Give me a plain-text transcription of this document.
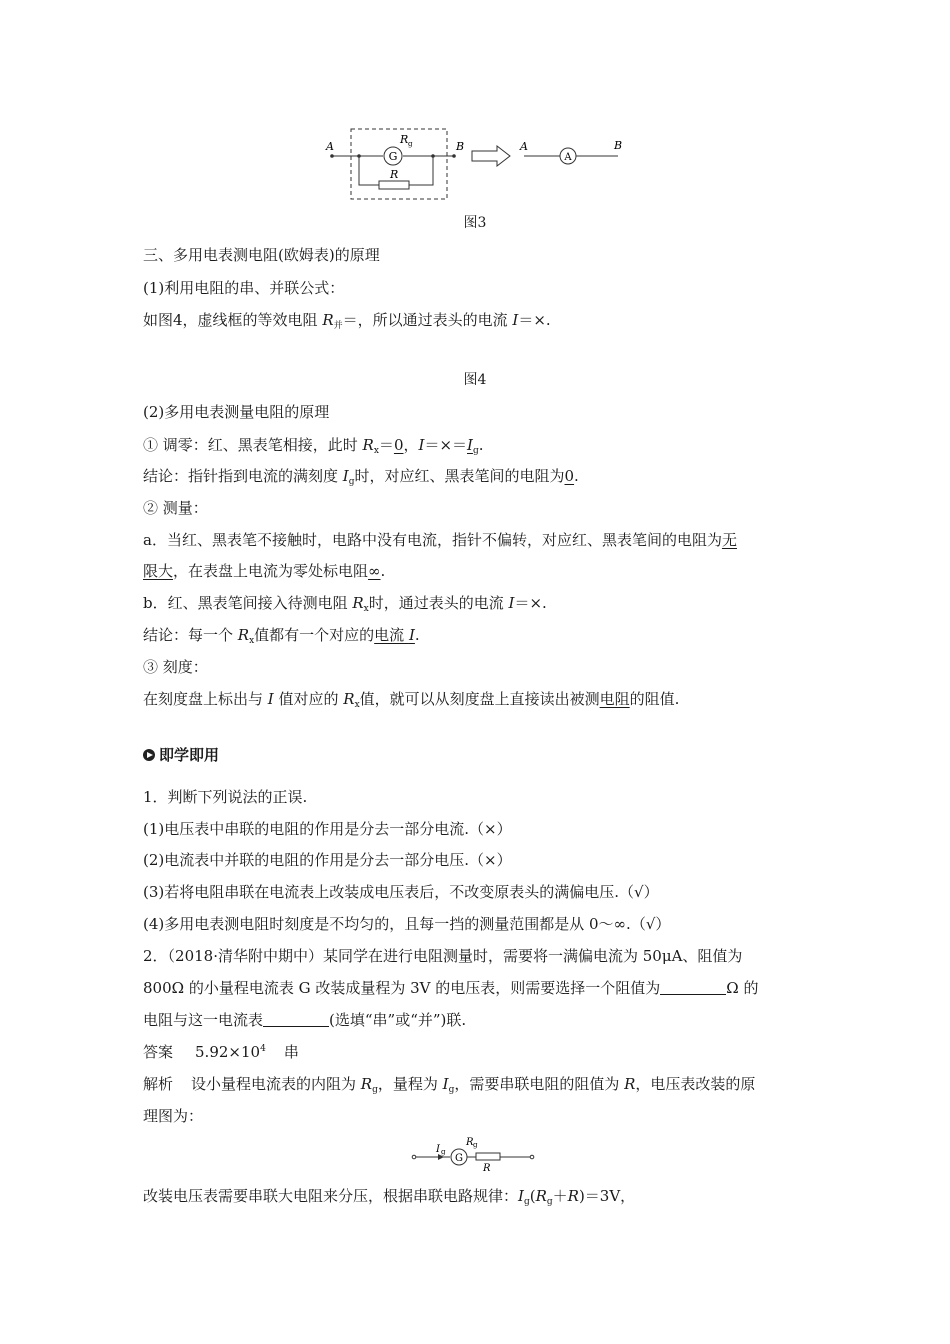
G
R g
R
A	B
A
A	B
图3
三、多用电表测电阻(欧姆表)的原理
(1)利用电阻的串、并联公式：
如图4，虚线框的等效电阻 $R_并=$，所以通过表头的电流 I＝×.
图4
(2)多用电表测量电阻的原理
① 调零：红、黑表笔相接，此时 $R_x=0$，$I=\times=I_g$.
结论：指针指到电流的满刻度 $I_g$时，对应红、黑表笔间的电阻为0.
② 测量：
a．当红、黑表笔不接触时，电路中没有电流，指针不偏转，对应红、黑表笔间的电阻为无
限大，在表盘上电流为零处标电阻∞.
b．红、黑表笔间接入待测电阻 $R_x$时，通过表头的电流 I＝×.
结论：每一个 $R_x$值都有一个对应的电流 I.
③ 刻度：
在刻度盘上标出与 I 值对应的 $R_x$值，就可以从刻度盘上直接读出被测电阻的阻值.
即学即用
1．判断下列说法的正误.
(1)电压表中串联的电阻的作用是分去一部分电流.（×）
(2)电流表中并联的电阻的作用是分去一部分电压.（×）
(3)若将电阻串联在电流表上改装成电压表后，不改变原表头的满偏电压.（√）
(4)多用电表测电阻时刻度是不均匀的，且每一挡的测量范围都是从 0～∞.（√）
2．（2018·清华附中期中）某同学在进行电阻测量时，需要将一满偏电流为 50μA、阻值为
800Ω 的小量程电流表 G 改装成量程为 3V 的电压表，则需要选择一个阻值为	Ω 的
电阻与这一电流表	(选填“串”或“并”)联.
答案 $5.92\times 10^4$ 串
解析 设小量程电流表的内阻为 $R_g$，量程为 $I_g$，需要串联电阻的阻值为 R，电压表改装的原
理图为：
I g
G
R g
R
改装电压表需要串联大电阻来分压，根据串联电路规律：$I_g(R_g+R)=3V$，
